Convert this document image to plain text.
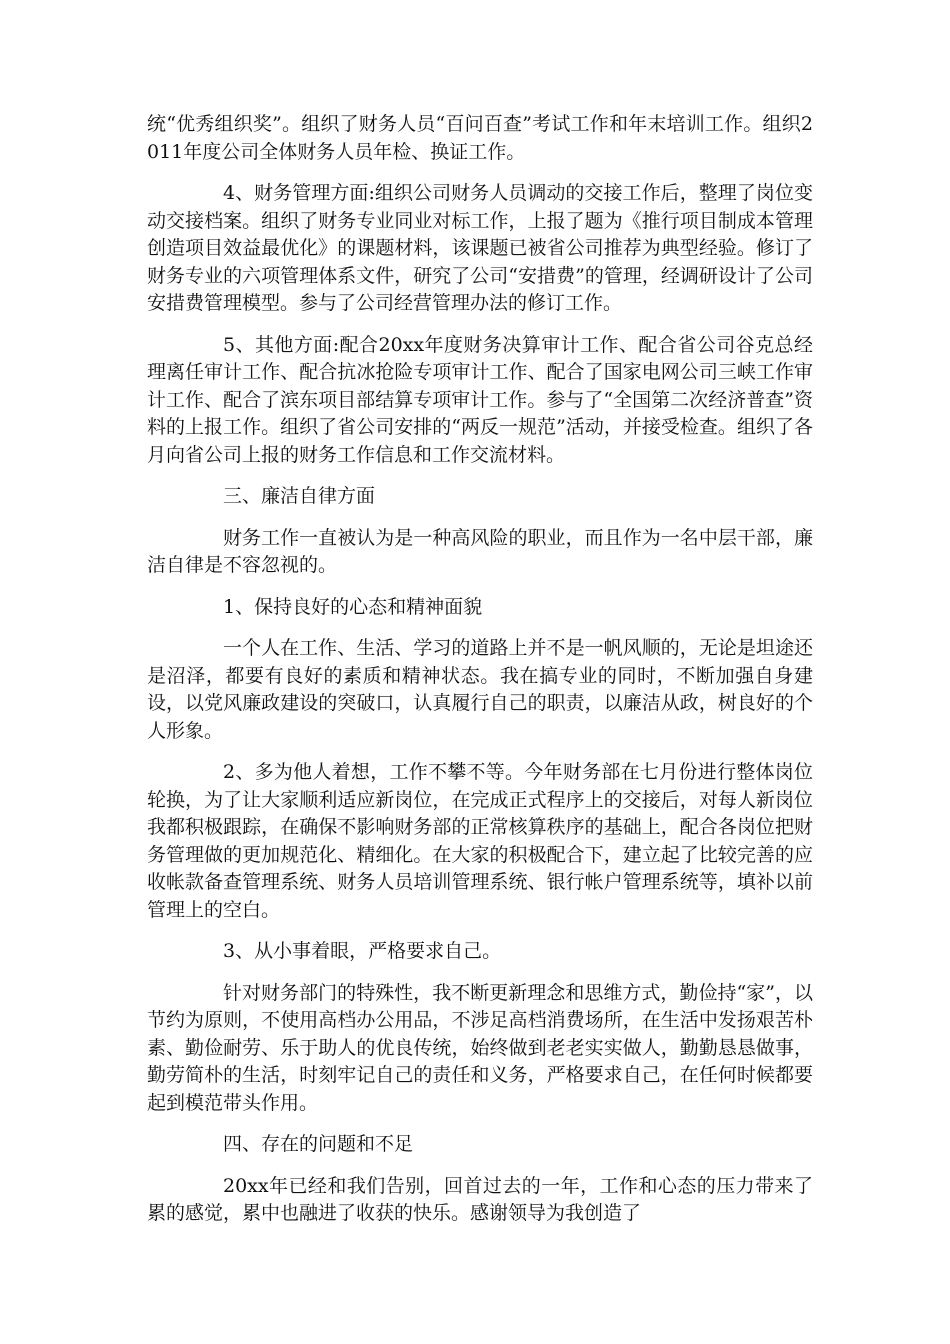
统“优秀组织奖”。组织了财务人员“百问百查”考试工作和年末培训工作。组织2011年度公司全体财务人员年检、换证工作。

4、财务管理方面:组织公司财务人员调动的交接工作后，整理了岗位变动交接档案。组织了财务专业同业对标工作，上报了题为《推行项目制成本管理 创造项目效益最优化》的课题材料，该课题已被省公司推荐为典型经验。修订了财务专业的六项管理体系文件，研究了公司“安措费”的管理，经调研设计了公司安措费管理模型。参与了公司经营管理办法的修订工作。

5、其他方面:配合20xx年度财务决算审计工作、配合省公司谷克总经理离任审计工作、配合抗冰抢险专项审计工作、配合了国家电网公司三峡工作审计工作、配合了滨东项目部结算专项审计工作。参与了“全国第二次经济普查”资料的上报工作。组织了省公司安排的“两反一规范”活动，并接受检查。组织了各月向省公司上报的财务工作信息和工作交流材料。

三、廉洁自律方面

财务工作一直被认为是一种高风险的职业，而且作为一名中层干部，廉洁自律是不容忽视的。

1、保持良好的心态和精神面貌

一个人在工作、生活、学习的道路上并不是一帆风顺的，无论是坦途还是沼泽，都要有良好的素质和精神状态。我在搞专业的同时，不断加强自身建设，以党风廉政建设的突破口，认真履行自己的职责，以廉洁从政，树良好的个人形象。

2、多为他人着想，工作不攀不等。今年财务部在七月份进行整体岗位轮换，为了让大家顺利适应新岗位，在完成正式程序上的交接后，对每人新岗位我都积极跟踪，在确保不影响财务部的正常核算秩序的基础上，配合各岗位把财务管理做的更加规范化、精细化。在大家的积极配合下，建立起了比较完善的应收帐款备查管理系统、财务人员培训管理系统、银行帐户管理系统等，填补以前管理上的空白。

3、从小事着眼，严格要求自己。

针对财务部门的特殊性，我不断更新理念和思维方式，勤俭持“家”，以节约为原则，不使用高档办公用品，不涉足高档消费场所，在生活中发扬艰苦朴素、勤俭耐劳、乐于助人的优良传统，始终做到老老实实做人，勤勤恳恳做事，勤劳简朴的生活，时刻牢记自己的责任和义务，严格要求自己，在任何时候都要起到模范带头作用。

四、存在的问题和不足

20xx年已经和我们告别，回首过去的一年，工作和心态的压力带来了累的感觉，累中也融进了收获的快乐。感谢领导为我创造了
